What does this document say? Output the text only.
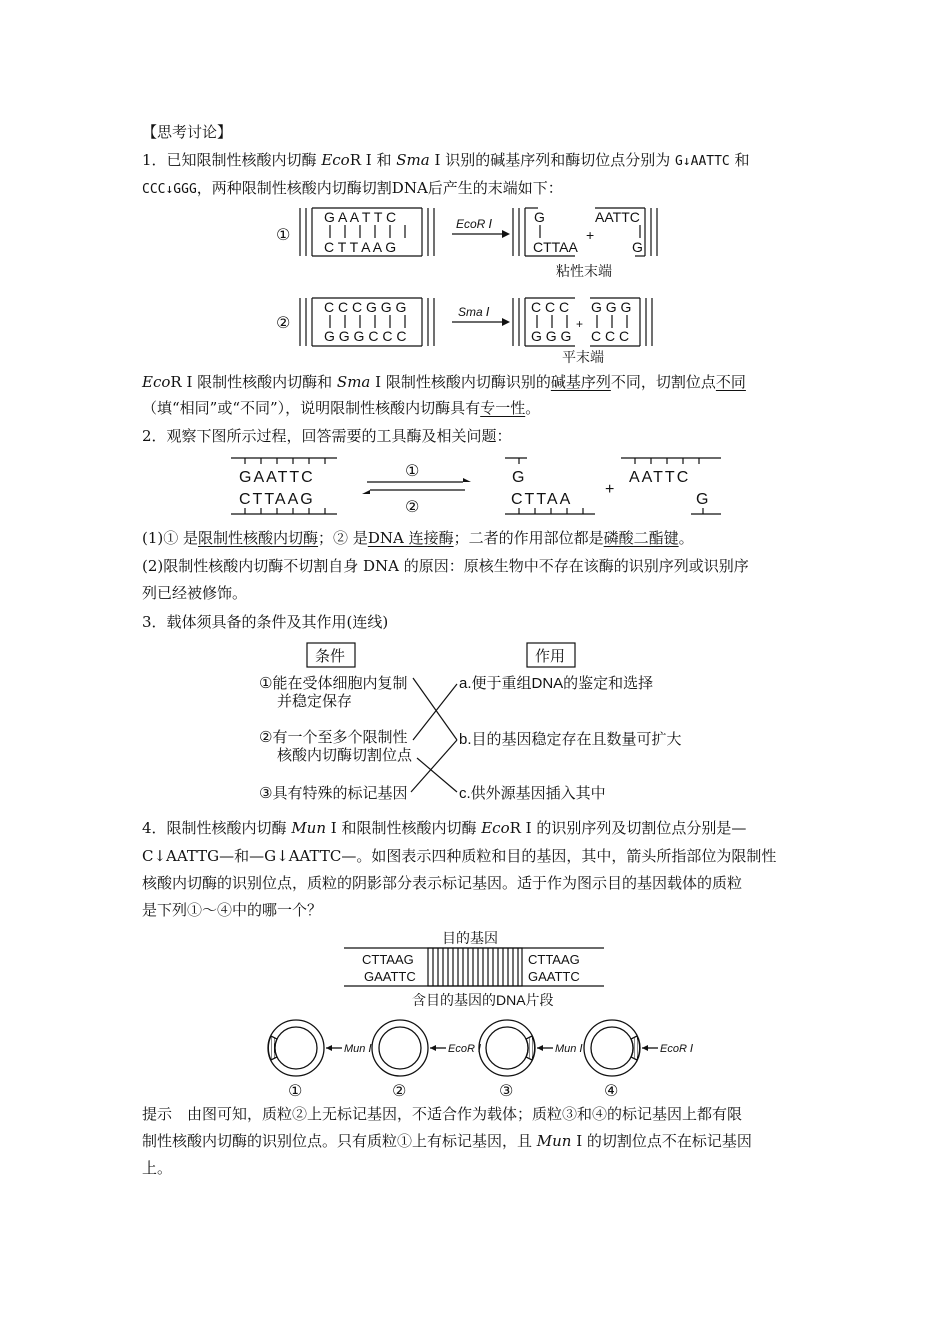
【思考讨论】
1．已知限制性核酸内切酶 EcoR Ⅰ 和 Sma Ⅰ 识别的碱基序列和酶切位点分别为 G↓AATTC 和
CCC↓GGG，两种限制性核酸内切酶切割DNA后产生的末端如下：
①
G A A T T C
C T T A A G
EcoR Ⅰ	G
CTTAA
+
AATTC
G
粘性末端
②
C C C G G G
G G G C C C
Sma Ⅰ	C C C
G G G
+
G G G
C C C
平末端
EcoR Ⅰ 限制性核酸内切酶和 Sma Ⅰ 限制性核酸内切酶识别的碱基序列不同，切割位点不同
（填“相同”或“不同”），说明限制性核酸内切酶具有专一性。
2．观察下图所示过程，回答需要的工具酶及相关问题：
GAATTC
CTTAAG
①
②
G
CTTAA
+
AATTC
G
(1)① 是限制性核酸内切酶；② 是DNA 连接酶；二者的作用部位都是磷酸二酯键。
(2)限制性核酸内切酶不切割自身 DNA 的原因：原核生物中不存在该酶的识别序列或识别序
列已经被修饰。
3．载体须具备的条件及其作用(连线)
条件	作用
①能在受体细胞内复制
并稳定保存
②有一个至多个限制性
核酸内切酶切割位点
③具有特殊的标记基因
a.便于重组DNA的鉴定和选择
b.目的基因稳定存在且数量可扩大
c.供外源基因插入其中
4．限制性核酸内切酶 Mun Ⅰ 和限制性核酸内切酶 EcoR Ⅰ 的识别序列及切割位点分别是—
C↓AATTG—和—G↓AATTC—。如图表示四种质粒和目的基因，其中，箭头所指部位为限制性
核酸内切酶的识别位点，质粒的阴影部分表示标记基因。适于作为图示目的基因载体的质粒
是下列①～④中的哪一个？
目的基因
CTTAAG
GAATTC
CTTAAG
GAATTC
含目的基因的DNA片段
Mun Ⅰ	EcoR Ⅰ	Mun Ⅰ	EcoR Ⅰ
①	②	③	④
提示　由图可知，质粒②上无标记基因，不适合作为载体；质粒③和④的标记基因上都有限
制性核酸内切酶的识别位点。只有质粒①上有标记基因，且 Mun Ⅰ 的切割位点不在标记基因
上。
